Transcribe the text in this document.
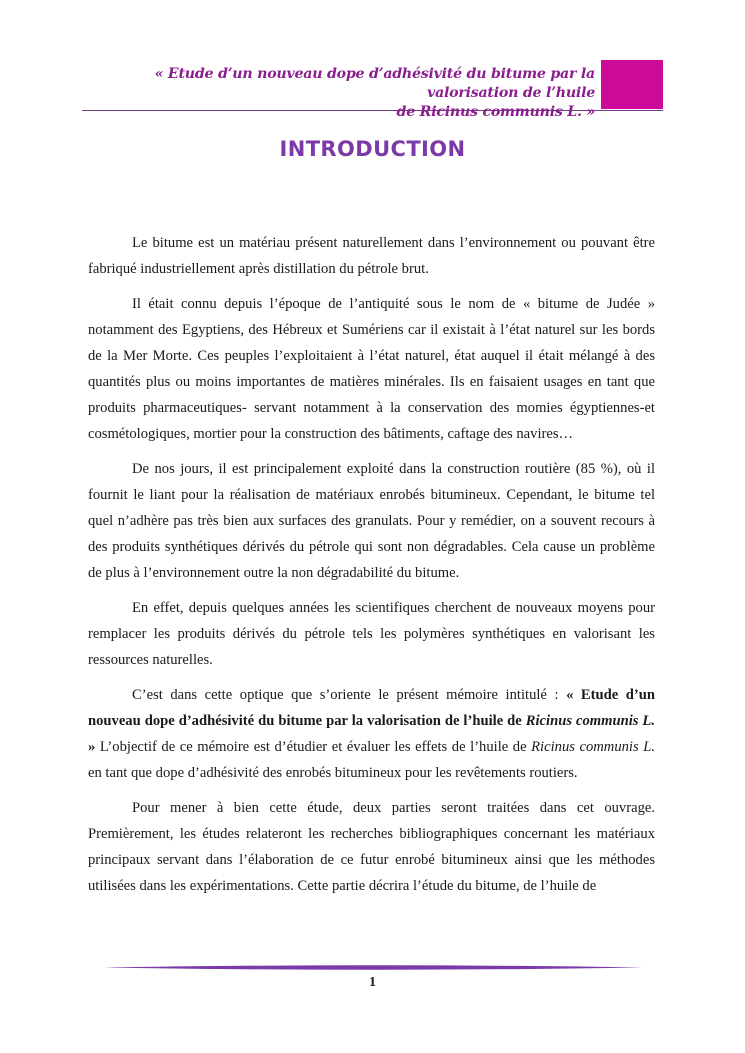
« Etude d’un nouveau dope d’adhésivité du bitume par la valorisation de l’huile
de Ricinus communis L. »
INTRODUCTION

Le bitume est un matériau présent naturellement dans l’environnement ou pouvant être fabriqué industriellement après distillation du pétrole brut.

Il était connu depuis l’époque de l’antiquité sous le nom de « bitume de Judée » notamment des Egyptiens, des Hébreux et Sumériens car il existait à l’état naturel sur les bords de la Mer Morte. Ces peuples l’exploitaient à l’état naturel, état auquel il était mélangé à des quantités plus ou moins importantes de matières minérales. Ils en faisaient usages en tant que produits pharmaceutiques- servant notamment à la conservation des momies égyptiennes-et cosmétologiques, mortier pour la construction des bâtiments, caftage des navires…

De nos jours, il est principalement exploité dans la construction routière (85 %), où il fournit le liant pour la réalisation de matériaux enrobés bitumineux. Cependant, le bitume tel quel n’adhère pas très bien aux surfaces des granulats. Pour y remédier, on a souvent recours à des produits synthétiques dérivés du pétrole qui sont non dégradables. Cela cause un problème de plus à l’environnement outre la non dégradabilité du bitume.

En effet, depuis quelques années les scientifiques cherchent de nouveaux moyens pour remplacer les produits dérivés du pétrole tels les polymères synthétiques en valorisant les ressources naturelles.

C’est dans cette optique que s’oriente le présent mémoire intitulé : « Etude d’un nouveau dope d’adhésivité du bitume par la valorisation de l’huile de Ricinus communis L. » L’objectif de ce mémoire est d’étudier et évaluer les effets de l’huile de Ricinus communis L. en tant que dope d’adhésivité des enrobés bitumineux pour les revêtements routiers.

Pour mener à bien cette étude, deux parties seront traitées dans cet ouvrage. Premièrement, les études relateront les recherches bibliographiques concernant les matériaux principaux servant dans l’élaboration de ce futur enrobé bitumineux ainsi que les méthodes utilisées dans les expérimentations. Cette partie décrira l’étude du bitume, de l’huile de

1
